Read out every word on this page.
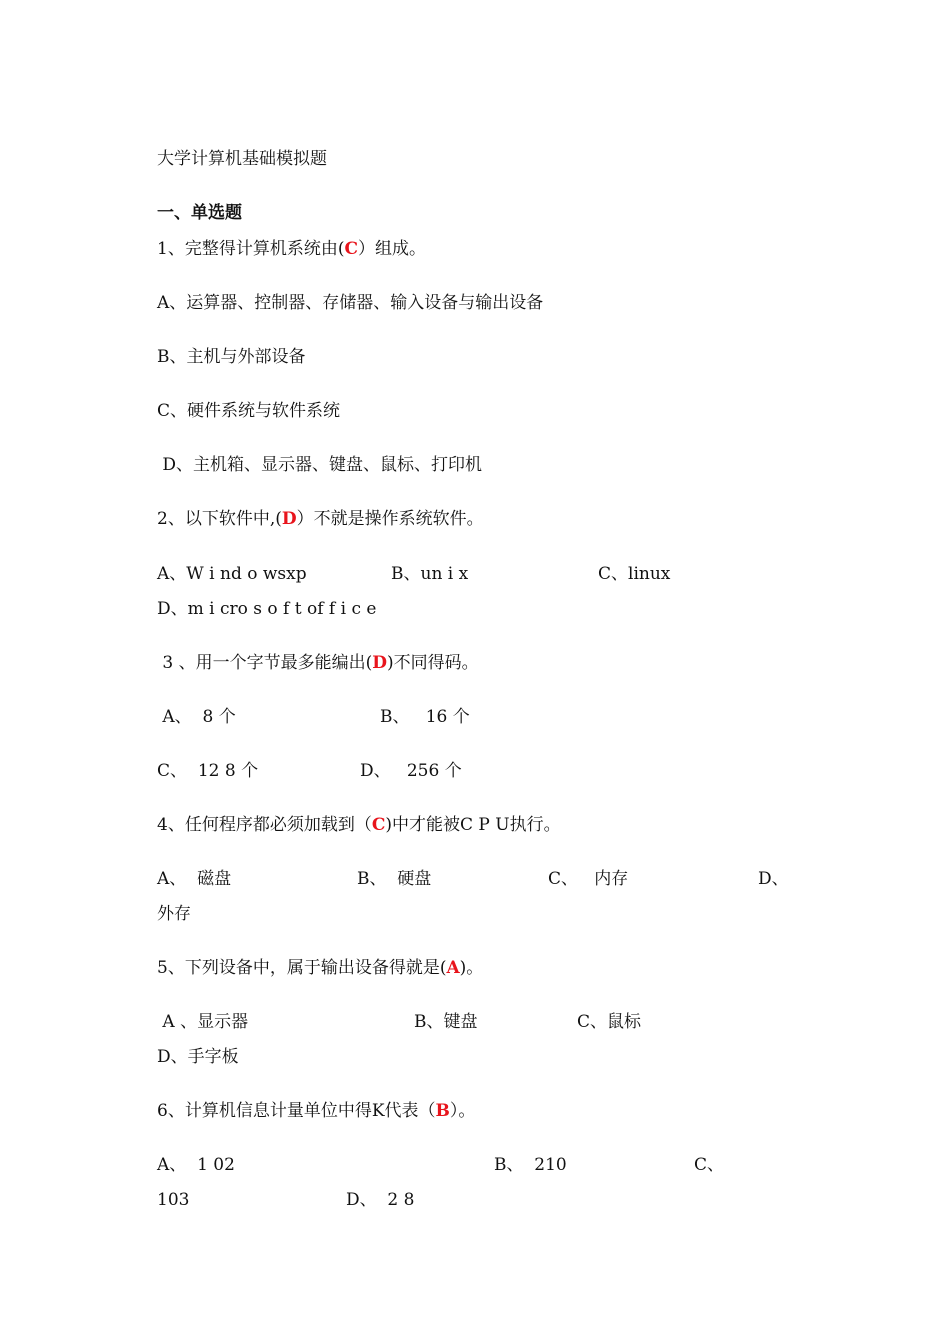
大学计算机基础模拟题
一、单选题
1、完整得计算机系统由(C）组成。
A、运算器、控制器、存储器、输入设备与输出设备
B、主机与外部设备
C、硬件系统与软件系统
D、主机箱、显示器、键盘、鼠标、打印机
2、以下软件中,(D）不就是操作系统软件。
A、W i nd o wsxp	B、un i x	C、linux
D、m i cro s o f t of f i c e
3 、用一个字节最多能编出(D)不同得码。
A、  8 个	B、   16 个
C、  12 8 个	D、   256 个
4、任何程序都必须加载到（C)中才能被C P U执行。
A、  磁盘	B、  硬盘	C、   内存	D、
外存
5、下列设备中，属于输出设备得就是(A)。
A 、显示器	B、键盘	C、鼠标
D、手字板
6、计算机信息计量单位中得K代表（B）。
A、  1 02	B、  210	C、
103	D、  2 8
